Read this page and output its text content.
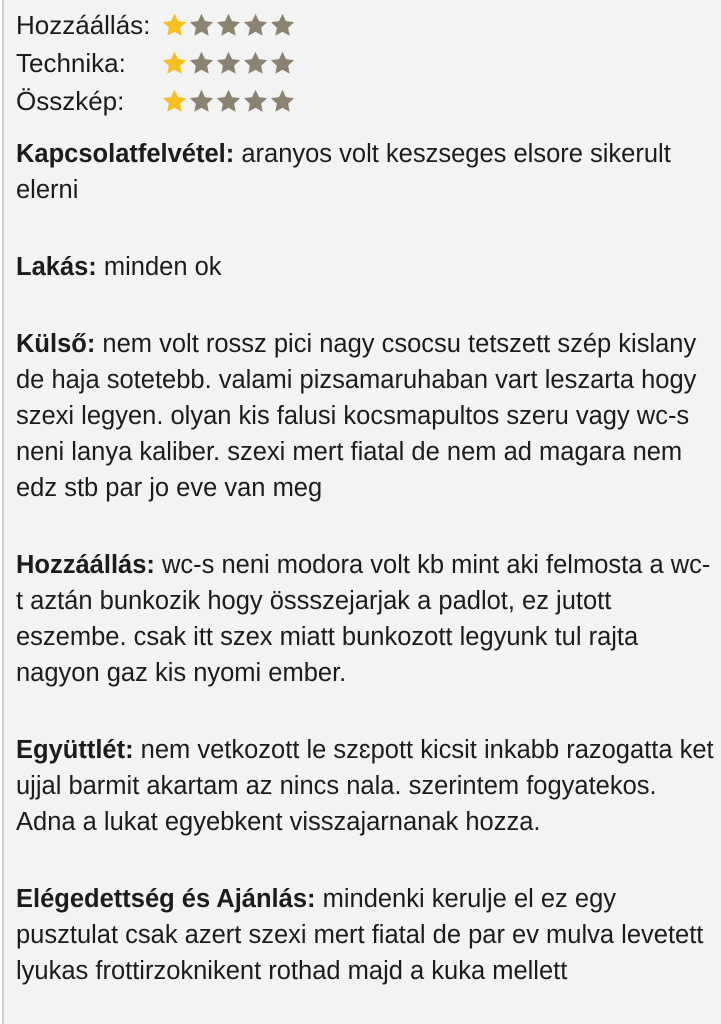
Hozzáállás:
Technika:
Összkép:

Kapcsolatfelvétel: aranyos volt keszseges elsore sikerult elerni

Lakás: minden ok

Külső: nem volt rossz pici nagy csocsu tetszett szép kislany de haja sotetebb. valami pizsamaruhaban vart leszarta hogy szexi legyen. olyan kis falusi kocsmapultos szeru vagy wc-s neni lanya kaliber. szexi mert fiatal de nem ad magara nem edz stb par jo eve van meg

Hozzáállás: wc-s neni modora volt kb mint aki felmosta a wc-t aztán bunkozik hogy össszejarjak a padlot, ez jutott eszembe. csak itt szex miatt bunkozott legyunk tul rajta nagyon gaz kis nyomi ember.

Együttlét: nem vetkozott le szɛpott kicsit inkabb razogatta ket ujjal barmit akartam az nincs nala. szerintem fogyatekos. Adna a lukat egyebkent visszajarnanak hozza.

Elégedettség és Ajánlás: mindenki kerulje el ez egy pusztulat csak azert szexi mert fiatal de par ev mulva levetett lyukas frottirzoknikent rothad majd a kuka mellett
